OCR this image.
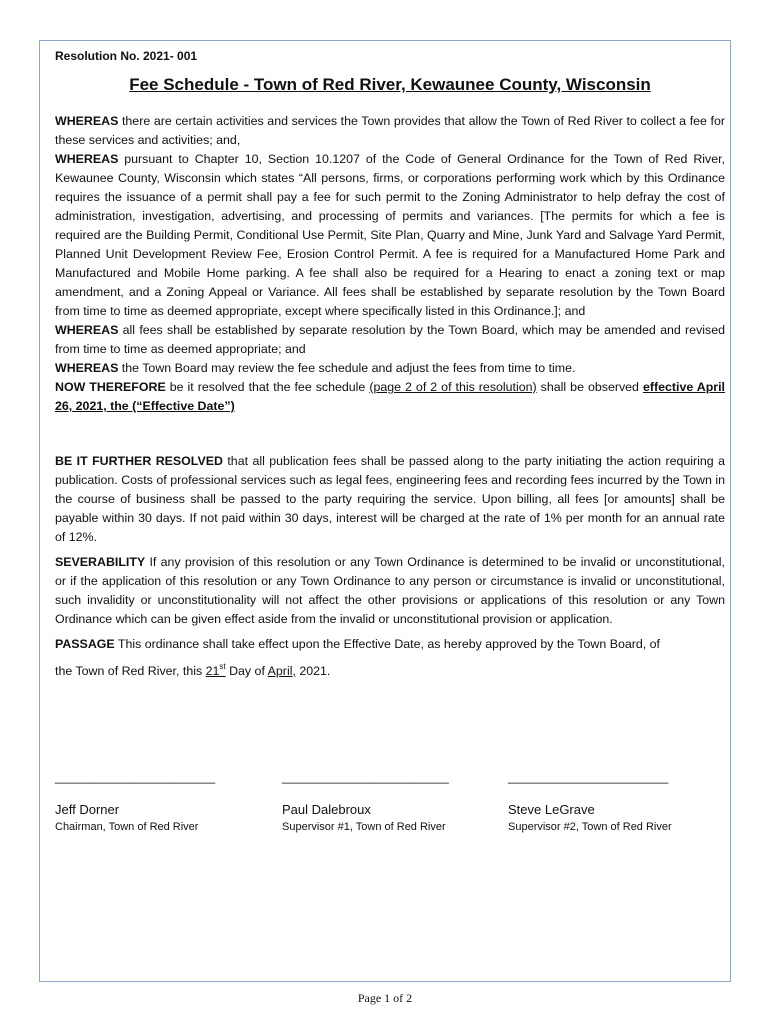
Resolution No. 2021- 001
Fee Schedule - Town of Red River, Kewaunee County, Wisconsin

WHEREAS there are certain activities and services the Town provides that allow the Town of Red River to collect a fee for these services and activities; and,

WHEREAS pursuant to Chapter 10, Section 10.1207 of the Code of General Ordinance for the Town of Red River, Kewaunee County, Wisconsin which states “All persons, firms, or corporations performing work which by this Ordinance requires the issuance of a permit shall pay a fee for such permit to the Zoning Administrator to help defray the cost of administration, investigation, advertising, and processing of permits and variances. [The permits for which a fee is required are the Building Permit, Conditional Use Permit, Site Plan, Quarry and Mine, Junk Yard and Salvage Yard Permit, Planned Unit Development Review Fee, Erosion Control Permit. A fee is required for a Manufactured Home Park and Manufactured and Mobile Home parking. A fee shall also be required for a Hearing to enact a zoning text or map amendment, and a Zoning Appeal or Variance. All fees shall be established by separate resolution by the Town Board from time to time as deemed appropriate, except where specifically listed in this Ordinance.]; and

WHEREAS all fees shall be established by separate resolution by the Town Board, which may be amended and revised from time to time as deemed appropriate; and

WHEREAS the Town Board may review the fee schedule and adjust the fees from time to time.

NOW THEREFORE be it resolved that the fee schedule (page 2 of 2 of this resolution) shall be observed effective April 26, 2021, the (“Effective Date”)

BE IT FURTHER RESOLVED that all publication fees shall be passed along to the party initiating the action requiring a publication. Costs of professional services such as legal fees, engineering fees and recording fees incurred by the Town in the course of business shall be passed to the party requiring the service. Upon billing, all fees [or amounts] shall be payable within 30 days. If not paid within 30 days, interest will be charged at the rate of 1% per month for an annual rate of 12%.

SEVERABILITY If any provision of this resolution or any Town Ordinance is determined to be invalid or unconstitutional, or if the application of this resolution or any Town Ordinance to any person or circumstance is invalid or unconstitutional, such invalidity or unconstitutionality will not affect the other provisions or applications of this resolution or any Town Ordinance which can be given effect aside from the invalid or unconstitutional provision or application.

PASSAGE This ordinance shall take effect upon the Effective Date, as hereby approved by the Town Board, of

the Town of Red River, this 21st Day of April, 2021.

________________________
Jeff Dorner
Chairman, Town of Red River
_________________________
Paul Dalebroux
Supervisor #1, Town of Red River
________________________
Steve LeGrave
Supervisor #2, Town of Red River
Page 1 of 2
